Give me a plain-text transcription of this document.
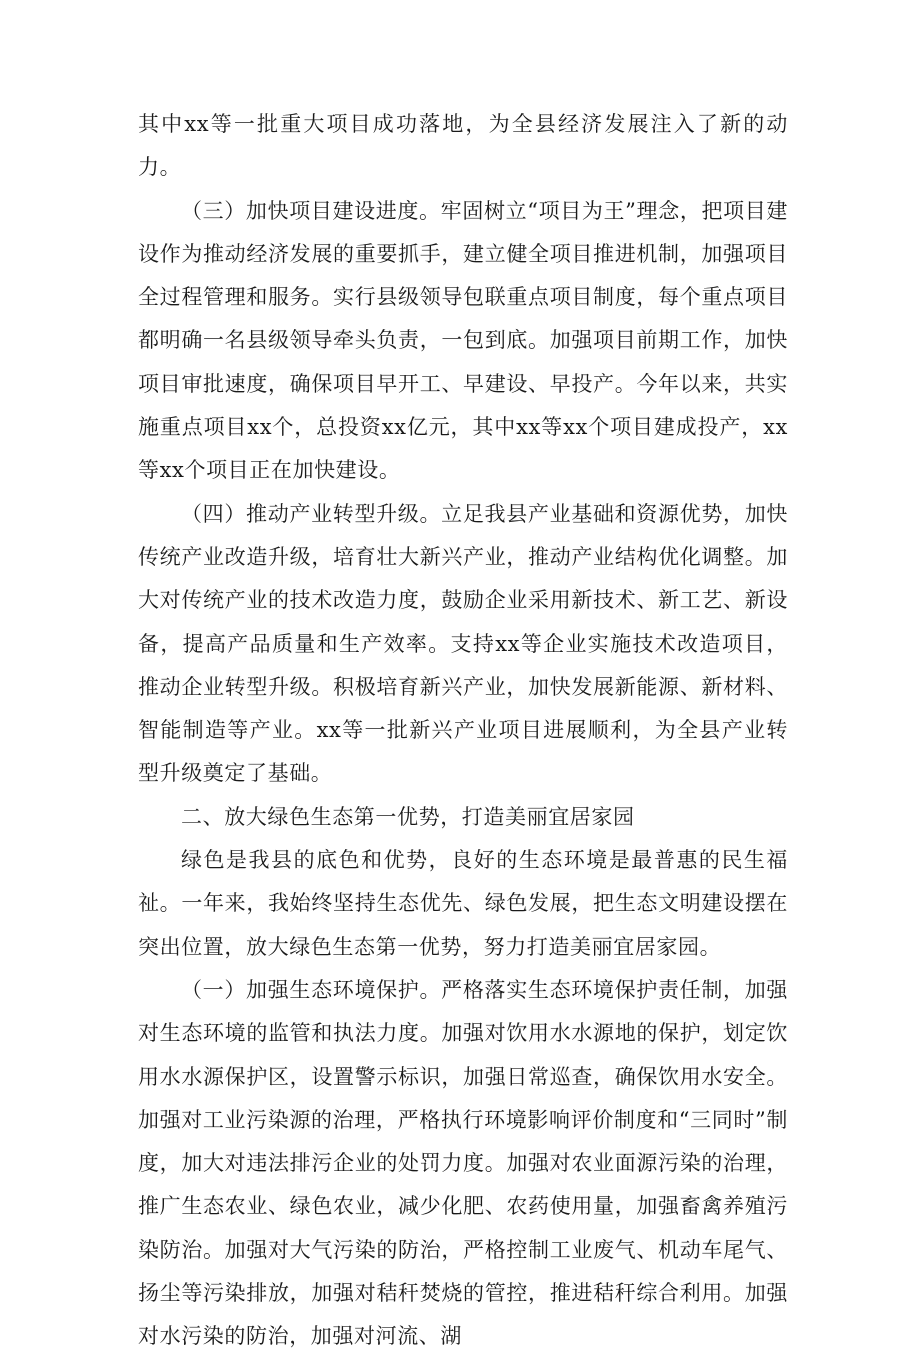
其中xx等一批重大项目成功落地，为全县经济发展注入了新的动力。

（三）加快项目建设进度。牢固树立“项目为王”理念，把项目建设作为推动经济发展的重要抓手，建立健全项目推进机制，加强项目全过程管理和服务。实行县级领导包联重点项目制度，每个重点项目都明确一名县级领导牵头负责，一包到底。加强项目前期工作，加快项目审批速度，确保项目早开工、早建设、早投产。今年以来，共实施重点项目xx个，总投资xx亿元，其中xx等xx个项目建成投产，xx等xx个项目正在加快建设。

（四）推动产业转型升级。立足我县产业基础和资源优势，加快传统产业改造升级，培育壮大新兴产业，推动产业结构优化调整。加大对传统产业的技术改造力度，鼓励企业采用新技术、新工艺、新设备，提高产品质量和生产效率。支持xx等企业实施技术改造项目，推动企业转型升级。积极培育新兴产业，加快发展新能源、新材料、智能制造等产业。xx等一批新兴产业项目进展顺利，为全县产业转型升级奠定了基础。

二、放大绿色生态第一优势，打造美丽宜居家园

绿色是我县的底色和优势，良好的生态环境是最普惠的民生福祉。一年来，我始终坚持生态优先、绿色发展，把生态文明建设摆在突出位置，放大绿色生态第一优势，努力打造美丽宜居家园。

（一）加强生态环境保护。严格落实生态环境保护责任制，加强对生态环境的监管和执法力度。加强对饮用水水源地的保护，划定饮用水水源保护区，设置警示标识，加强日常巡查，确保饮用水安全。加强对工业污染源的治理，严格执行环境影响评价制度和“三同时”制度，加大对违法排污企业的处罚力度。加强对农业面源污染的治理，推广生态农业、绿色农业，减少化肥、农药使用量，加强畜禽养殖污染防治。加强对大气污染的防治，严格控制工业废气、机动车尾气、扬尘等污染排放，加强对秸秆焚烧的管控，推进秸秆综合利用。加强对水污染的防治，加强对河流、湖
